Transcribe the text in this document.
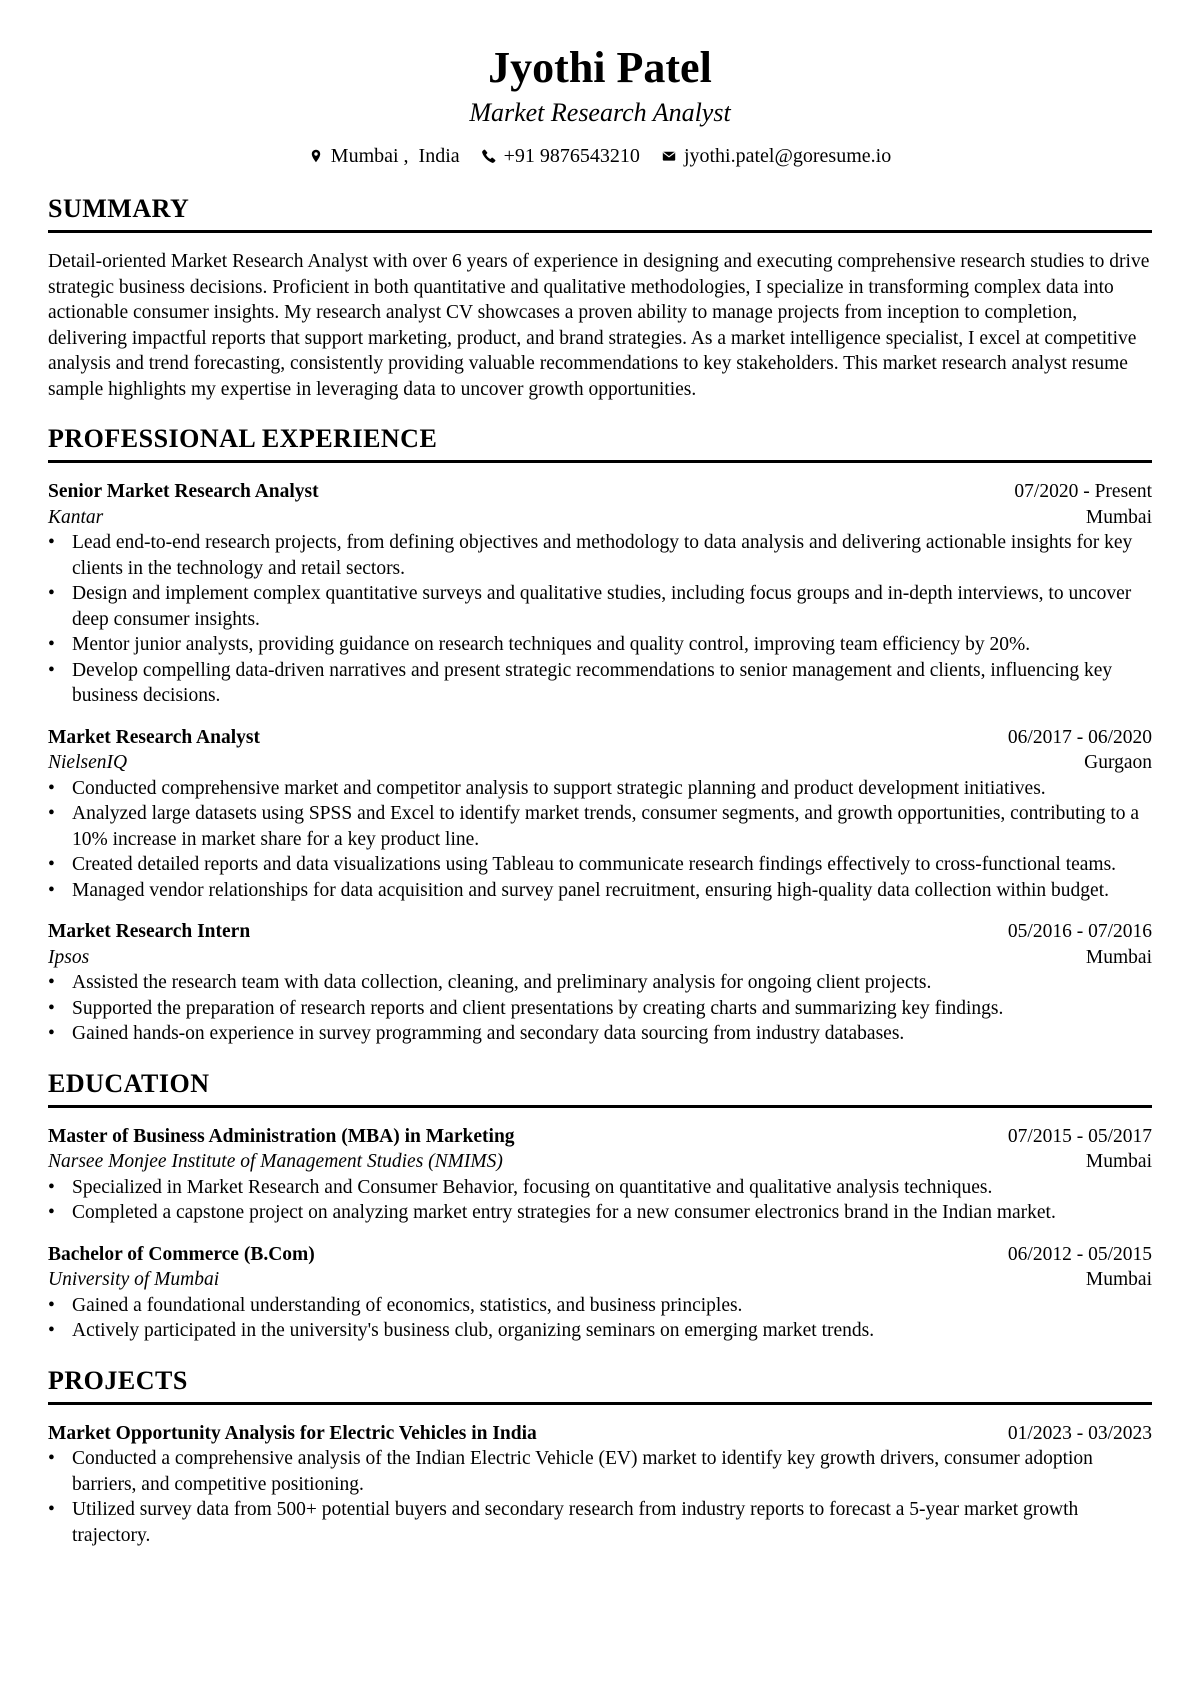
Jyothi Patel
Market Research Analyst
Mumbai ,  India +91 9876543210 jyothi.patel@goresume.io
SUMMARY
Detail-oriented Market Research Analyst with over 6 years of experience in designing and executing comprehensive research studies to drive strategic business decisions. Proficient in both quantitative and qualitative methodologies, I specialize in transforming complex data into actionable consumer insights. My research analyst CV showcases a proven ability to manage projects from inception to completion, delivering impactful reports that support marketing, product, and brand strategies. As a market intelligence specialist, I excel at competitive analysis and trend forecasting, consistently providing valuable recommendations to key stakeholders. This market research analyst resume sample highlights my expertise in leveraging data to uncover growth opportunities.
PROFESSIONAL EXPERIENCE
Senior Market Research Analyst	07/2020 - Present
Kantar	Mumbai
• Lead end-to-end research projects, from defining objectives and methodology to data analysis and delivering actionable insights for key clients in the technology and retail sectors.
• Design and implement complex quantitative surveys and qualitative studies, including focus groups and in-depth interviews, to uncover deep consumer insights.
• Mentor junior analysts, providing guidance on research techniques and quality control, improving team efficiency by 20%.
• Develop compelling data-driven narratives and present strategic recommendations to senior management and clients, influencing key business decisions.
Market Research Analyst	06/2017 - 06/2020
NielsenIQ	Gurgaon
• Conducted comprehensive market and competitor analysis to support strategic planning and product development initiatives.
• Analyzed large datasets using SPSS and Excel to identify market trends, consumer segments, and growth opportunities, contributing to a 10% increase in market share for a key product line.
• Created detailed reports and data visualizations using Tableau to communicate research findings effectively to cross-functional teams.
• Managed vendor relationships for data acquisition and survey panel recruitment, ensuring high-quality data collection within budget.
Market Research Intern	05/2016 - 07/2016
Ipsos	Mumbai
• Assisted the research team with data collection, cleaning, and preliminary analysis for ongoing client projects.
• Supported the preparation of research reports and client presentations by creating charts and summarizing key findings.
• Gained hands-on experience in survey programming and secondary data sourcing from industry databases.
EDUCATION
Master of Business Administration (MBA) in Marketing	07/2015 - 05/2017
Narsee Monjee Institute of Management Studies (NMIMS)	Mumbai
• Specialized in Market Research and Consumer Behavior, focusing on quantitative and qualitative analysis techniques.
• Completed a capstone project on analyzing market entry strategies for a new consumer electronics brand in the Indian market.
Bachelor of Commerce (B.Com)	06/2012 - 05/2015
University of Mumbai	Mumbai
• Gained a foundational understanding of economics, statistics, and business principles.
• Actively participated in the university's business club, organizing seminars on emerging market trends.
PROJECTS
Market Opportunity Analysis for Electric Vehicles in India	01/2023 - 03/2023
• Conducted a comprehensive analysis of the Indian Electric Vehicle (EV) market to identify key growth drivers, consumer adoption barriers, and competitive positioning.
• Utilized survey data from 500+ potential buyers and secondary research from industry reports to forecast a 5-year market growth trajectory.
